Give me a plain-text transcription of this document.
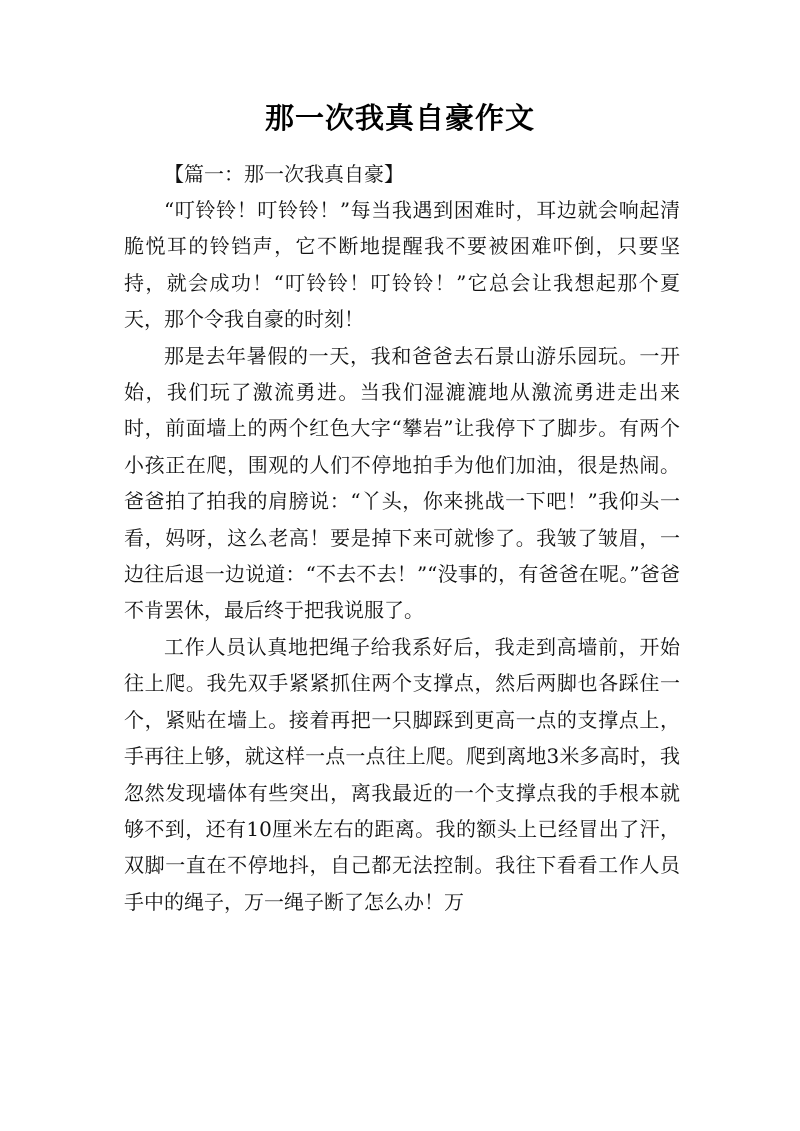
那一次我真自豪作文

【篇一：那一次我真自豪】

“叮铃铃！叮铃铃！”每当我遇到困难时，耳边就会响起清脆悦耳的铃铛声，它不断地提醒我不要被困难吓倒，只要坚持，就会成功！“叮铃铃！叮铃铃！”它总会让我想起那个夏天，那个令我自豪的时刻！

那是去年暑假的一天，我和爸爸去石景山游乐园玩。一开始，我们玩了激流勇进。当我们湿漉漉地从激流勇进走出来时，前面墙上的两个红色大字“攀岩”让我停下了脚步。有两个小孩正在爬，围观的人们不停地拍手为他们加油，很是热闹。爸爸拍了拍我的肩膀说：“丫头，你来挑战一下吧！”我仰头一看，妈呀，这么老高！要是掉下来可就惨了。我皱了皱眉，一边往后退一边说道：“不去不去！”“没事的，有爸爸在呢。”爸爸不肯罢休，最后终于把我说服了。

工作人员认真地把绳子给我系好后，我走到高墙前，开始往上爬。我先双手紧紧抓住两个支撑点，然后两脚也各踩住一个，紧贴在墙上。接着再把一只脚踩到更高一点的支撑点上，手再往上够，就这样一点一点往上爬。爬到离地3米多高时，我忽然发现墙体有些突出，离我最近的一个支撑点我的手根本就够不到，还有10厘米左右的距离。我的额头上已经冒出了汗，双脚一直在不停地抖，自己都无法控制。我往下看看工作人员手中的绳子，万一绳子断了怎么办！万
